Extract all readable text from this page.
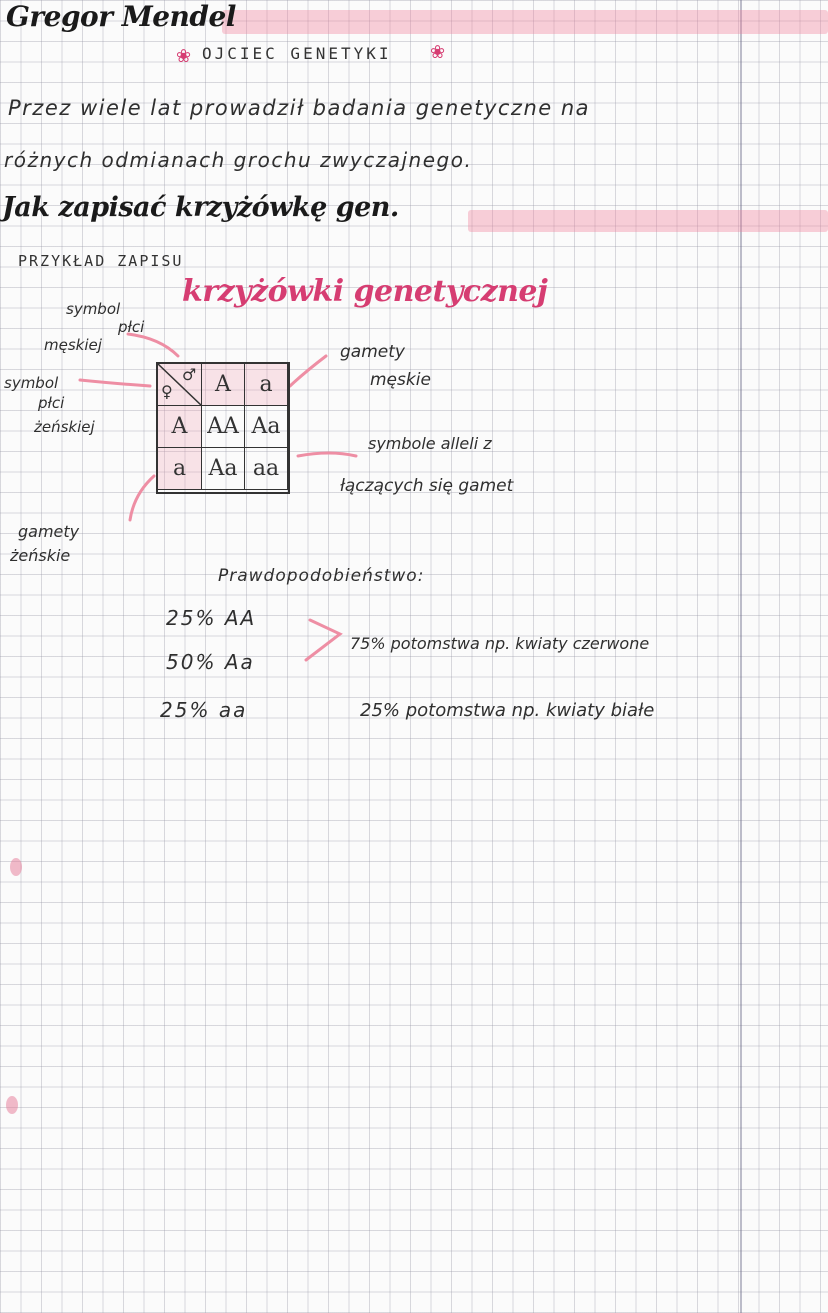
Gregor Mendel
❀ OJCIEC GENETYKI ❀
Przez wiele lat prowadził badania genetyczne na
różnych odmianach grochu zwyczajnego.
Jak zapisać krzyżówkę gen.
PRZYKŁAD ZAPISU
krzyżówki genetycznej
symbol
płci
męskiej
symbol
płci
żeńskiej
gamety
żeńskie
gamety
męskie
symbole alleli z
łączących się gamet
♀
♂ A	a
A AA Aa
a	Aa aa
Prawdopodobieństwo:
25% AA
50% Aa
25% aa
75% potomstwa np. kwiaty czerwone
25% potomstwa np. kwiaty białe
